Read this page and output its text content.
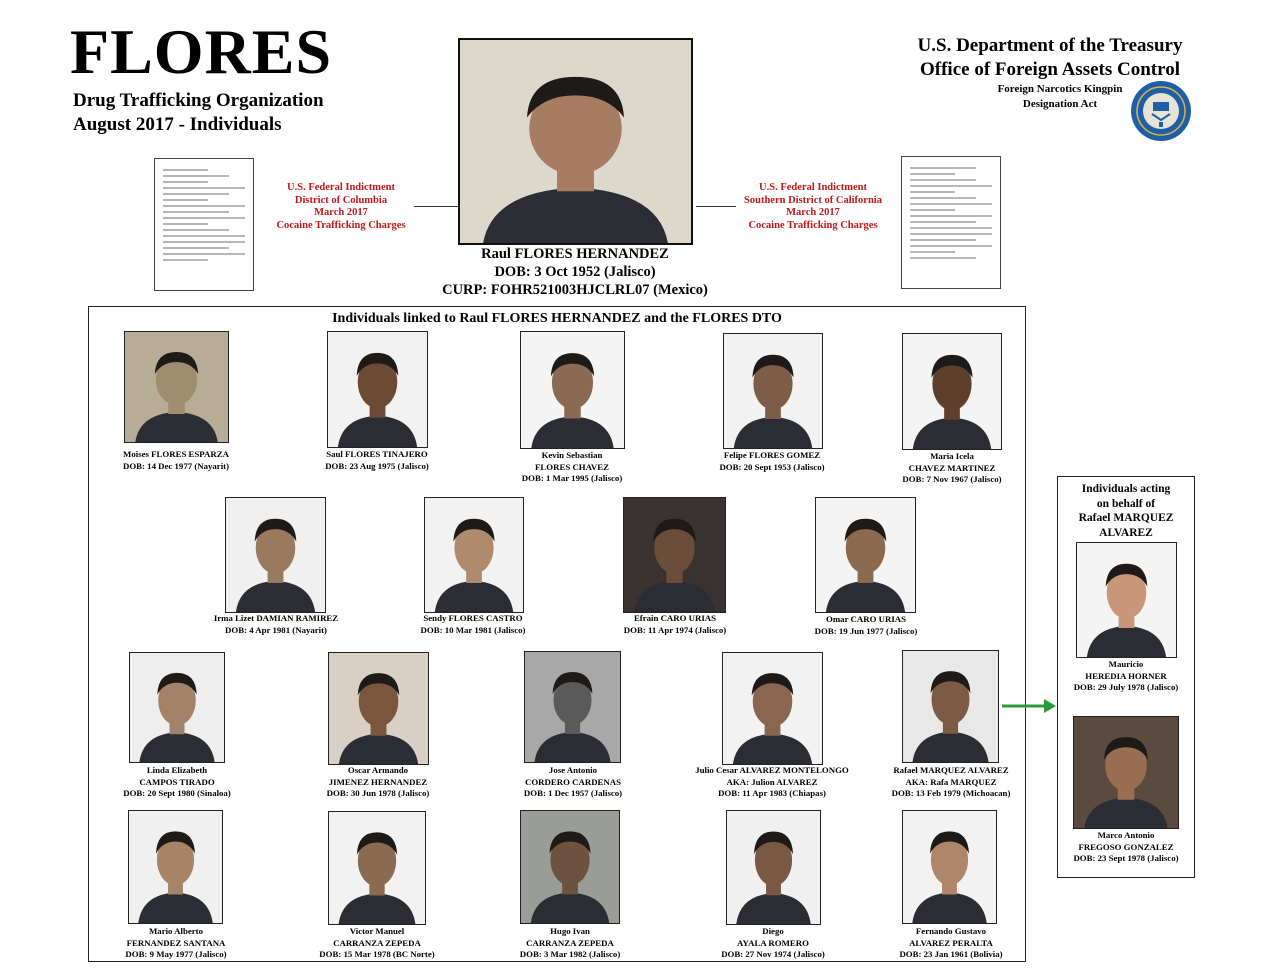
FLORES
Drug Trafficking Organization
August 2017 - Individuals
U.S. Department of the Treasury
Office of Foreign Assets Control
Foreign Narcotics Kingpin
Designation Act
U.S. Federal Indictment
District of Columbia
March 2017
Cocaine Trafficking Charges
U.S. Federal Indictment
Southern District of California
March 2017
Cocaine Trafficking Charges
Raul FLORES HERNANDEZ
DOB: 3 Oct 1952 (Jalisco)
CURP: FOHR521003HJCLRL07 (Mexico)
Individuals linked to Raul FLORES HERNANDEZ and the FLORES DTO
Moises FLORES ESPARZA
DOB: 14 Dec 1977 (Nayarit)
Saul FLORES TINAJERO
DOB: 23 Aug 1975 (Jalisco)
Kevin Sebastian
FLORES CHAVEZ
DOB: 1 Mar 1995 (Jalisco)
Felipe FLORES GOMEZ
DOB: 20 Sept 1953 (Jalisco)
Maria Icela
CHAVEZ MARTINEZ
DOB: 7 Nov 1967 (Jalisco)
Irma Lizet DAMIAN RAMIREZ
DOB: 4 Apr 1981 (Nayarit)
Sendy FLORES CASTRO
DOB: 10 Mar 1981 (Jalisco)
Efrain CARO URIAS
DOB: 11 Apr 1974 (Jalisco)
Omar CARO URIAS
DOB: 19 Jun 1977 (Jalisco)
Linda Elizabeth
CAMPOS TIRADO
DOB: 20 Sept 1980 (Sinaloa)
Oscar Armando
JIMENEZ HERNANDEZ
DOB: 30 Jun 1978 (Jalisco)
Jose Antonio
CORDERO CARDENAS
DOB: 1 Dec 1957 (Jalisco)
Julio Cesar ALVAREZ MONTELONGO
AKA: Julion ALVAREZ
DOB: 11 Apr 1983 (Chiapas)
Rafael MARQUEZ ALVAREZ
AKA: Rafa MARQUEZ
DOB: 13 Feb 1979 (Michoacan)
Mario Alberto
FERNANDEZ SANTANA
DOB: 9 May 1977 (Jalisco)
Victor Manuel
CARRANZA ZEPEDA
DOB: 15 Mar 1978 (BC Norte)
Hugo Ivan
CARRANZA ZEPEDA
DOB: 3 Mar 1982 (Jalisco)
Diego
AYALA ROMERO
DOB: 27 Nov 1974 (Jalisco)
Fernando Gustavo
ALVAREZ PERALTA
DOB: 23 Jan 1961 (Bolivia)
Individuals acting
on behalf of
Rafael MARQUEZ
ALVAREZ
Mauricio
HEREDIA HORNER
DOB: 29 July 1978 (Jalisco)
Marco Antonio
FREGOSO GONZALEZ
DOB: 23 Sept 1978 (Jalisco)
